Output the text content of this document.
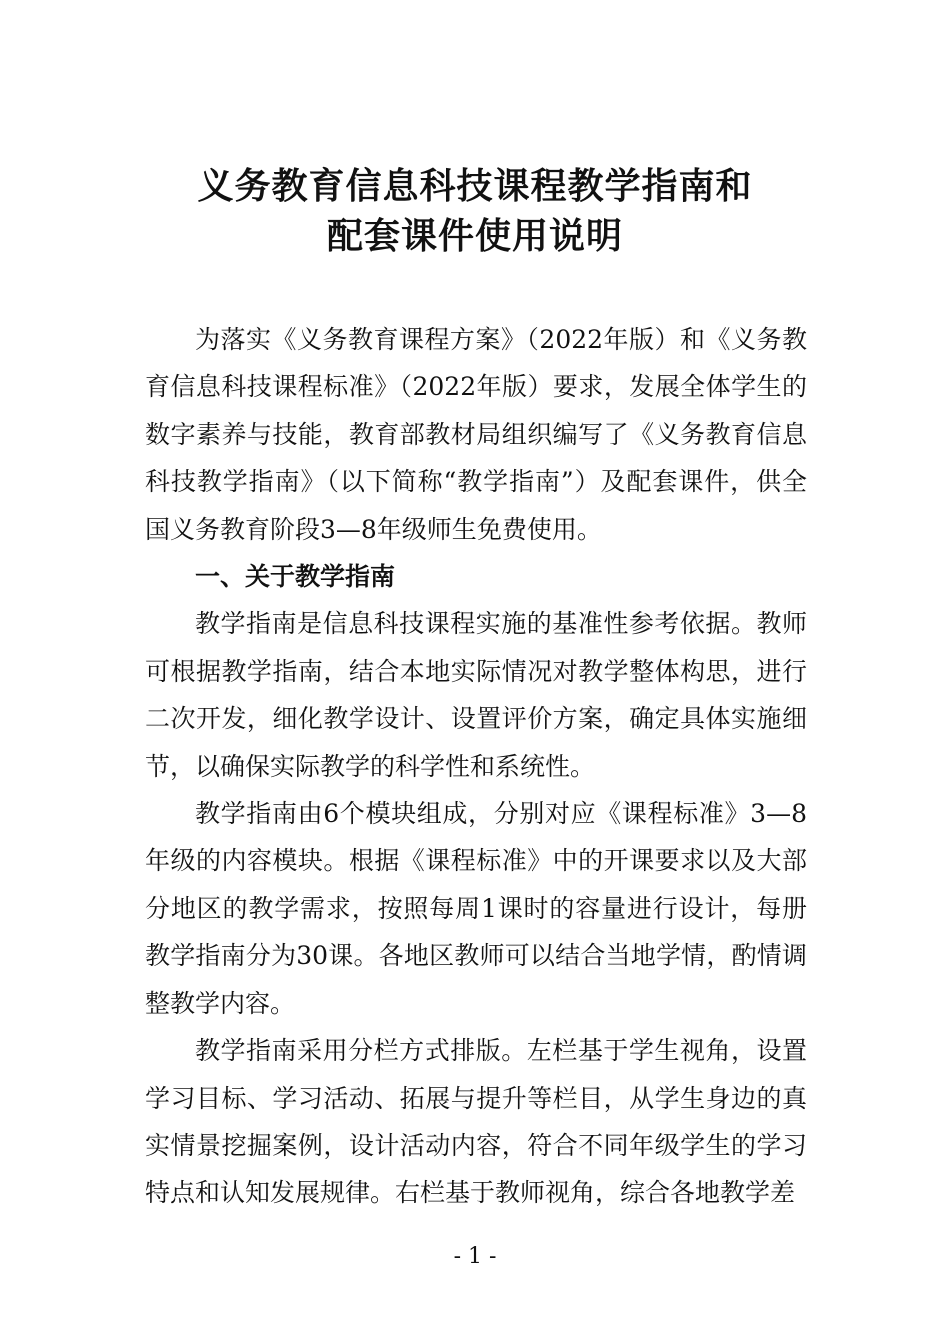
义务教育信息科技课程教学指南和
配套课件使用说明

为落实《义务教育课程方案》（2022年版）和《义务教育信息科技课程标准》（2022年版）要求，发展全体学生的数字素养与技能，教育部教材局组织编写了《义务教育信息科技教学指南》（以下简称“教学指南”）及配套课件，供全国义务教育阶段3—8年级师生免费使用。

一、关于教学指南

教学指南是信息科技课程实施的基准性参考依据。教师可根据教学指南，结合本地实际情况对教学整体构思，进行二次开发，细化教学设计、设置评价方案，确定具体实施细节，以确保实际教学的科学性和系统性。

教学指南由6个模块组成，分别对应《课程标准》3—8年级的内容模块。根据《课程标准》中的开课要求以及大部分地区的教学需求，按照每周1课时的容量进行设计，每册教学指南分为30课。各地区教师可以结合当地学情，酌情调整教学内容。

教学指南采用分栏方式排版。左栏基于学生视角，设置学习目标、学习活动、拓展与提升等栏目，从学生身边的真实情景挖掘案例，设计活动内容，符合不同年级学生的学习特点和认知发展规律。右栏基于教师视角，综合各地教学差

- 1 -
